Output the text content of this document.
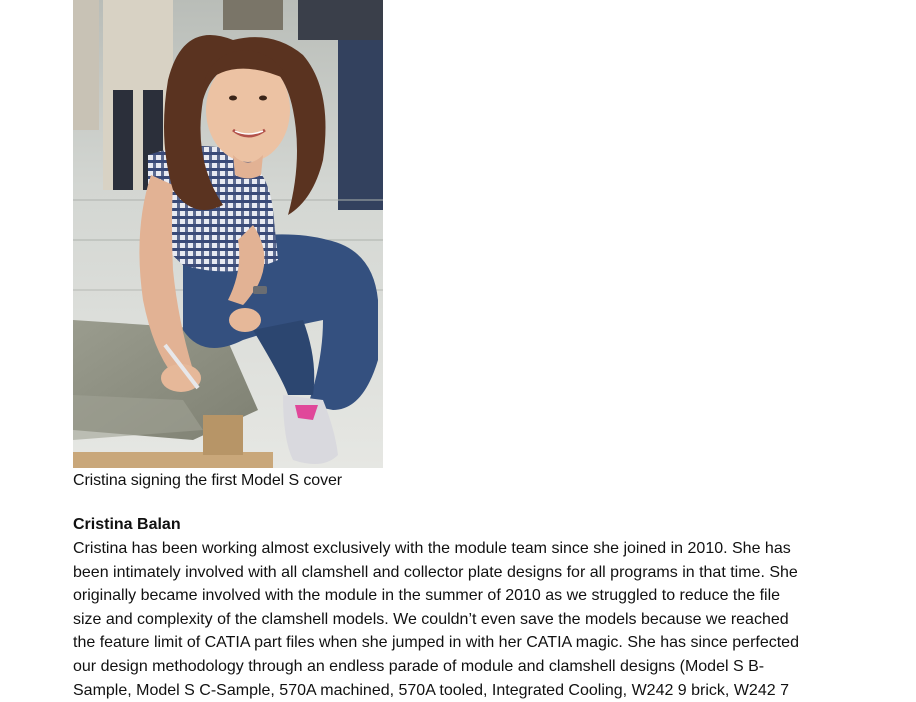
Cristina signing the first Model S cover
Cristina Balan
Cristina has been working almost exclusively with the module team since she joined in 2010. She has
been intimately involved with all clamshell and collector plate designs for all programs in that time. She
originally became involved with the module in the summer of 2010 as we struggled to reduce the file
size and complexity of the clamshell models. We couldn’t even save the models because we reached
the feature limit of CATIA part files when she jumped in with her CATIA magic. She has since perfected
our design methodology through an endless parade of module and clamshell designs (Model S B-
Sample, Model S C-Sample, 570A machined, 570A tooled, Integrated Cooling, W242 9 brick, W242 7
